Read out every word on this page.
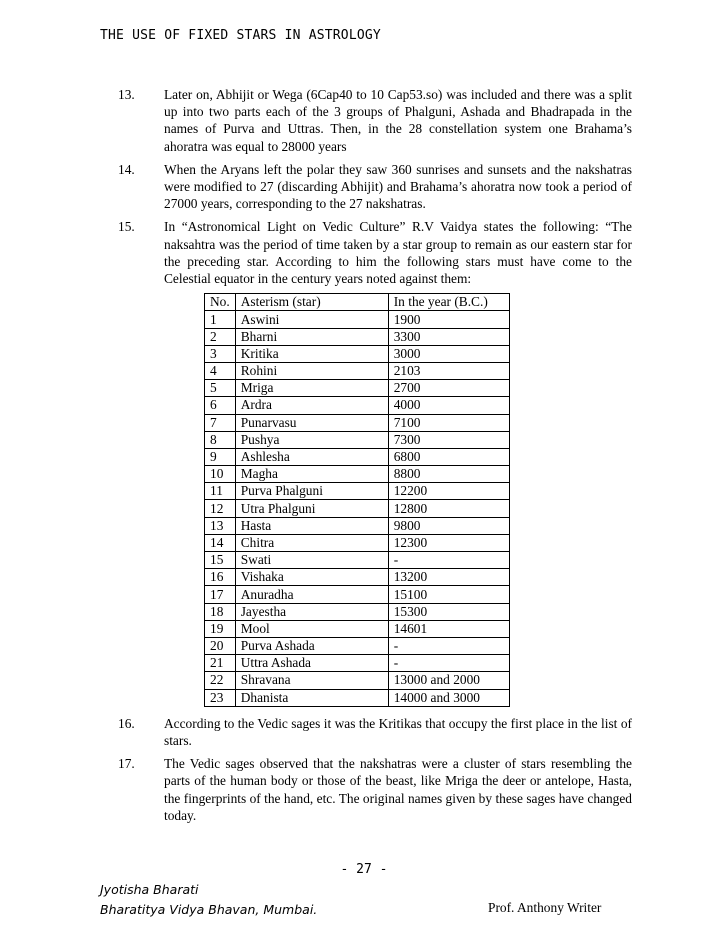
THE USE OF FIXED STARS IN ASTROLOGY
13.	Later on, Abhijit or Wega (6Cap40 to 10 Cap53.so) was included and there was a split up into two parts each of the 3 groups of Phalguni, Ashada and Bhadrapada in the names of Purva and Uttras. Then, in the 28 constellation system one Brahama’s ahoratra was equal to 28000 years
14.	When the Aryans left the polar they saw 360 sunrises and sunsets and the nakshatras were modified to 27 (discarding Abhijit) and Brahama’s ahoratra now took a period of 27000 years, corresponding to the 27 nakshatras.
15.	In “Astronomical Light on Vedic Culture” R.V Vaidya states the following: “The naksahtra was the period of time taken by a star group to remain as our eastern star for the preceding star. According to him the following stars must have come to the Celestial equator in the century years noted against them:
No.	Asterism (star)	In the year (B.C.)
1	Aswini	1900
2	Bharni	3300
3	Kritika	3000
4	Rohini	2103
5	Mriga	2700
6	Ardra	4000
7	Punarvasu	7100
8	Pushya	7300
9	Ashlesha	6800
10	Magha	8800
11	Purva Phalguni	12200
12	Utra Phalguni	12800
13	Hasta	9800
14	Chitra	12300
15	Swati	-
16	Vishaka	13200
17	Anuradha	15100
18	Jayestha	15300
19	Mool	14601
20	Purva Ashada	-
21	Uttra Ashada	-
22	Shravana	13000 and 2000
23	Dhanista	14000 and 3000
16.	According to the Vedic sages it was the Kritikas that occupy the first place in the list of stars.
17.	The Vedic sages observed that the nakshatras were a cluster of stars resembling the parts of the human body or those of the beast, like Mriga the deer or antelope, Hasta, the fingerprints of the hand, etc. The original names given by these sages have changed today.
- 27 -
Jyotisha Bharati
Bharatitya Vidya Bhavan, Mumbai.	Prof. Anthony Writer
